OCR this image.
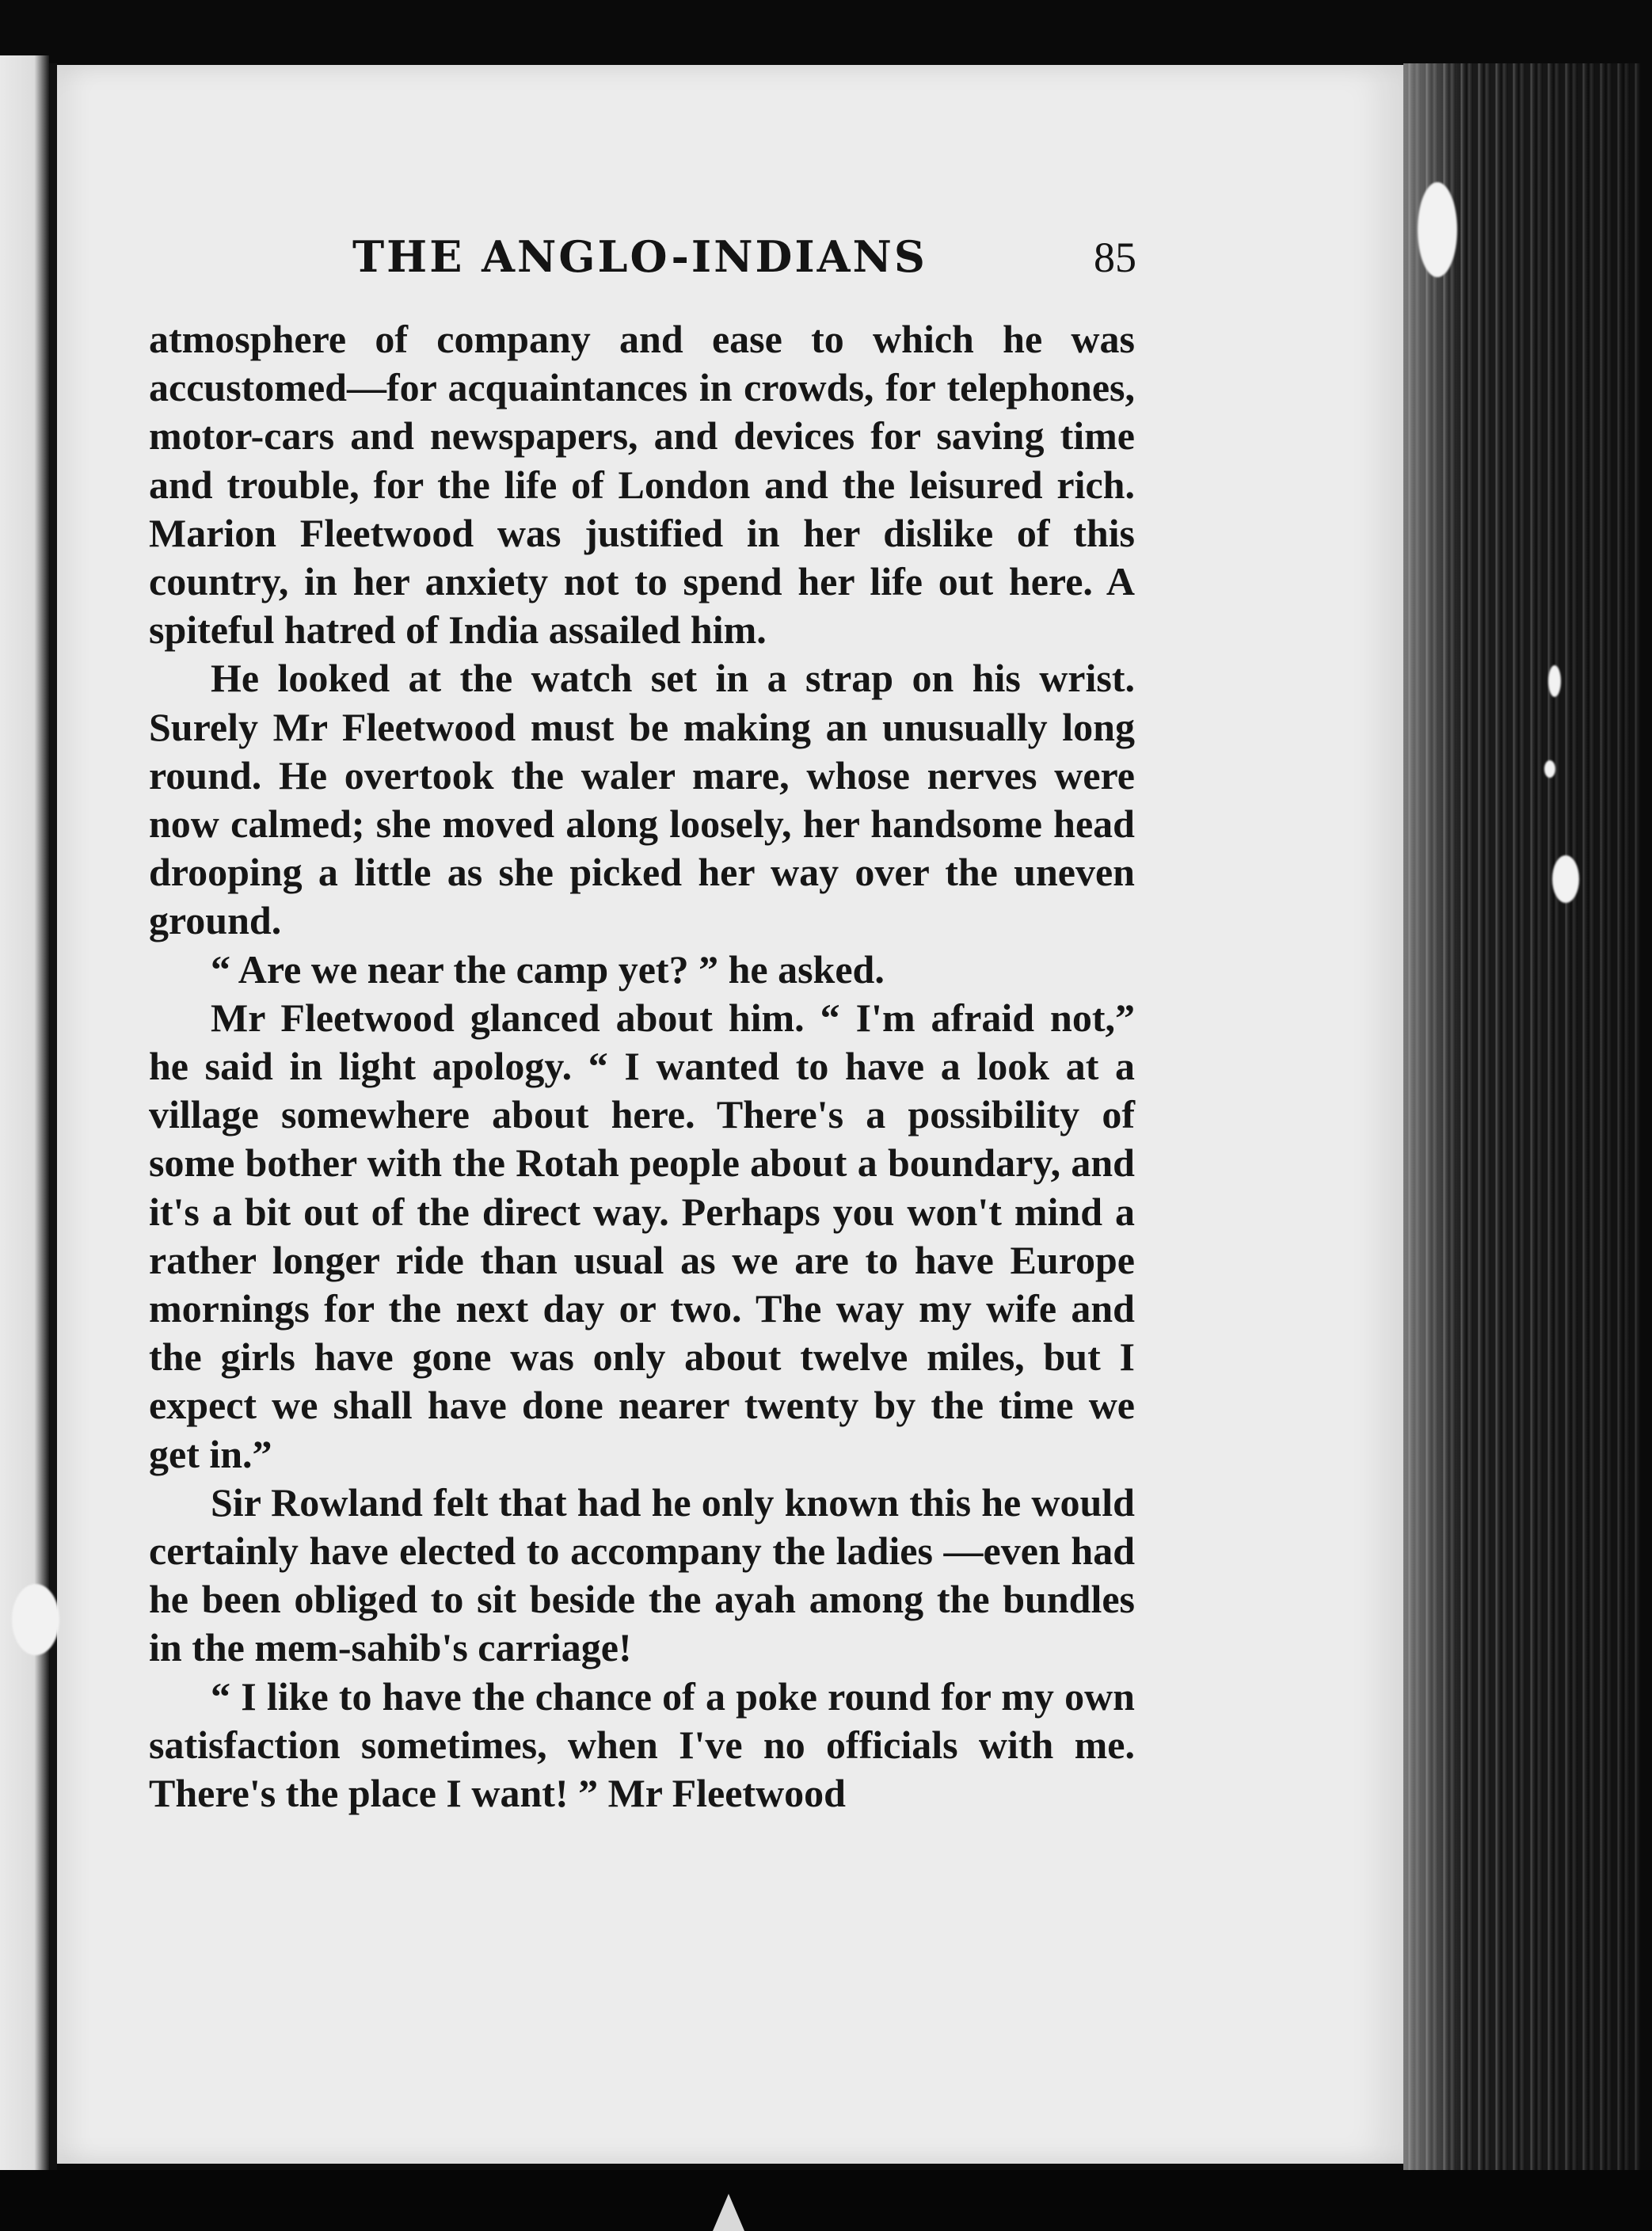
THE ANGLO-INDIANS	85

atmosphere of company and ease to which he was accustomed—for acquaintances in crowds, for telephones, motor-cars and newspapers, and devices for saving time and trouble, for the life of London and the leisured rich. Marion Fleetwood was justified in her dislike of this country, in her anxiety not to spend her life out here. A spiteful hatred of India assailed him.

He looked at the watch set in a strap on his wrist. Surely Mr Fleetwood must be making an unusually long round. He overtook the waler mare, whose nerves were now calmed; she moved along loosely, her handsome head drooping a little as she picked her way over the uneven ground.

“ Are we near the camp yet? ” he asked.

Mr Fleetwood glanced about him. “ I'm afraid not,” he said in light apology. “ I wanted to have a look at a village somewhere about here. There's a possibility of some bother with the Rotah people about a boundary, and it's a bit out of the direct way. Perhaps you won't mind a rather longer ride than usual as we are to have Europe mornings for the next day or two. The way my wife and the girls have gone was only about twelve miles, but I expect we shall have done nearer twenty by the time we get in.”

Sir Rowland felt that had he only known this he would certainly have elected to accompany the ladies —even had he been obliged to sit beside the ayah among the bundles in the mem-sahib's carriage!

“ I like to have the chance of a poke round for my own satisfaction sometimes, when I've no officials with me. There's the place I want! ” Mr Fleetwood
